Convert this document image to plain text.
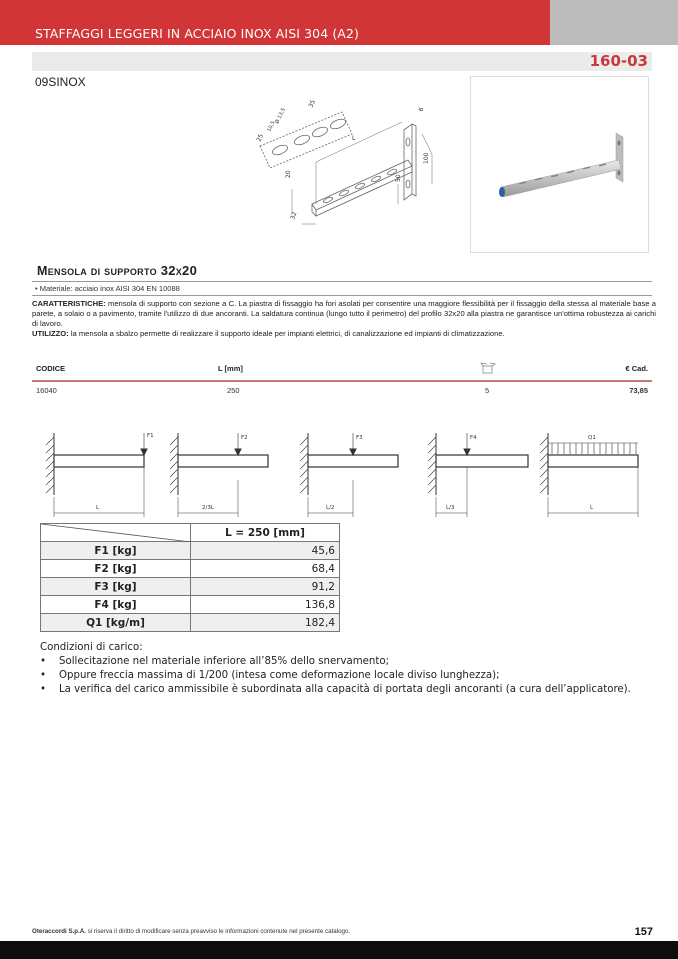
STAFFAGGI LEGGERI IN ACCIAIO INOX AISI 304 (A2)
160-03
09SINOX
35
Ø 13,5
10,5
25	L
6
100
50
20
32
Mensola di supporto 32x20
• Materiale: acciaio inox AISI 304 EN 10088
CARATTERISTICHE: mensola di supporto con sezione a C. La piastra di fissaggio ha fori asolati per consentire una maggiore flessibilità per il fissaggio della stessa al materiale base a parete, a solaio o a pavimento, tramite l'utilizzo di due ancoranti. La saldatura continua (lungo tutto il perimetro) del profilo 32x20 alla piastra ne garantisce un'ottima robustezza ai carichi di lavoro.
UTILIZZO: la mensola a sbalzo permette di realizzare il supporto ideale per impianti elettrici, di canalizzazione ed impianti di climatizzazione.
CODICE	L [mm]	€ Cad.
16040	250	5	73,85
F1
L
F2
2/3L
F3
L/2
F4
L/3
Q1
L
	L = 250 [mm]
F1 [kg]	45,6
F2 [kg]	68,4
F3 [kg]	91,2
F4 [kg]	136,8
Q1 [kg/m]	182,4
Condizioni di carico:
• Sollecitazione nel materiale inferiore all’85% dello snervamento;
• Oppure freccia massima di 1/200 (intesa come deformazione locale diviso lunghezza);
• La verifica del carico ammissibile è subordinata alla capacità di portata degli ancoranti (a cura dell’applicatore).
Oteraccordi S.p.A. si riserva il diritto di modificare senza preavviso le informazioni contenute nel presente catalogo.	157
